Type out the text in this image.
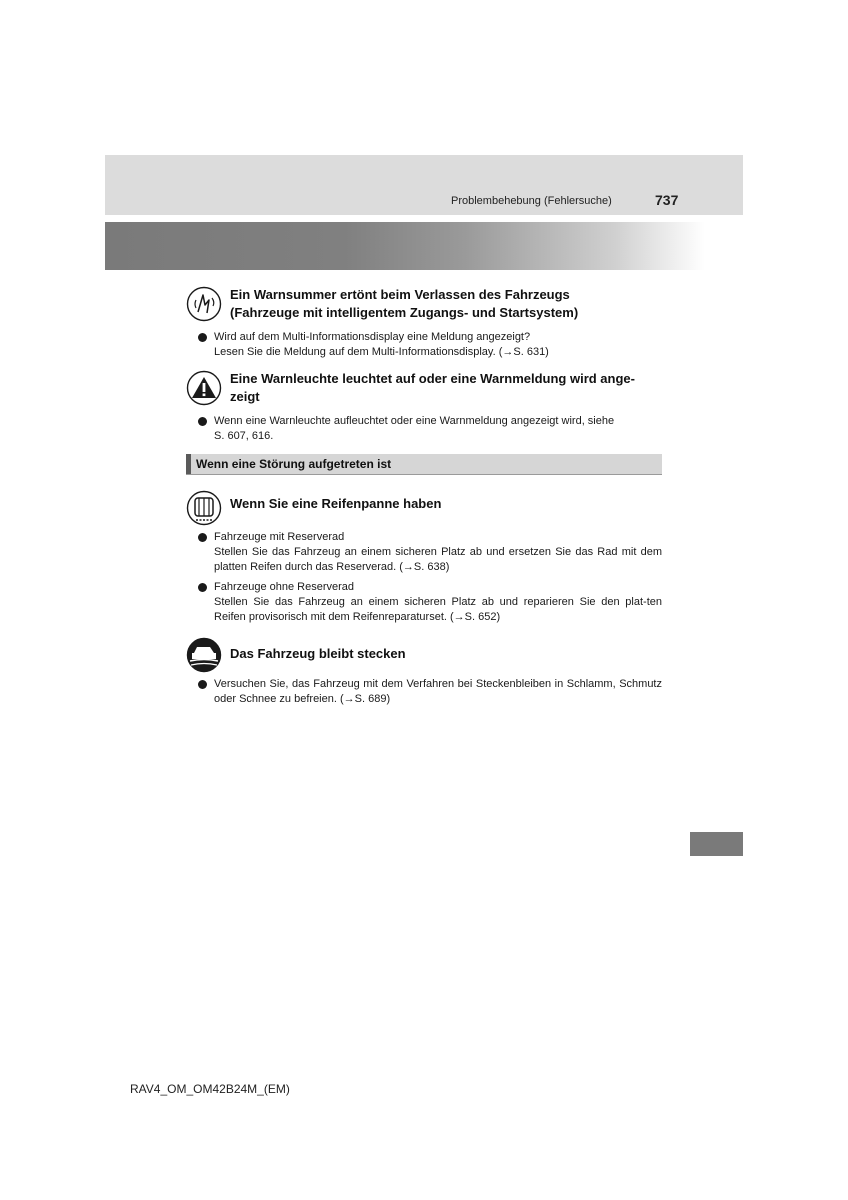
Problembehebung (Fehlersuche)	737
Ein Warnsummer ertönt beim Verlassen des Fahrzeugs
(Fahrzeuge mit intelligentem Zugangs- und Startsystem)

Wird auf dem Multi-Informationsdisplay eine Meldung angezeigt?

Lesen Sie die Meldung auf dem Multi-Informationsdisplay. (→S. 631)

Eine Warnleuchte leuchtet auf oder eine Warnmeldung wird ange-
zeigt

Wenn eine Warnleuchte aufleuchtet oder eine Warnmeldung angezeigt wird, siehe

S. 607, 616.

Wenn eine Störung aufgetreten ist
Wenn Sie eine Reifenpanne haben

Fahrzeuge mit Reserverad

Stellen Sie das Fahrzeug an einem sicheren Platz ab und ersetzen Sie das Rad mit dem platten Reifen durch das Reserverad. (→S. 638)

Fahrzeuge ohne Reserverad

Stellen Sie das Fahrzeug an einem sicheren Platz ab und reparieren Sie den plat-ten Reifen provisorisch mit dem Reifenreparaturset. (→S. 652)

Das Fahrzeug bleibt stecken

Versuchen Sie, das Fahrzeug mit dem Verfahren bei Steckenbleiben in Schlamm, Schmutz oder Schnee zu befreien. (→S. 689)

RAV4_OM_OM42B24M_(EM)
